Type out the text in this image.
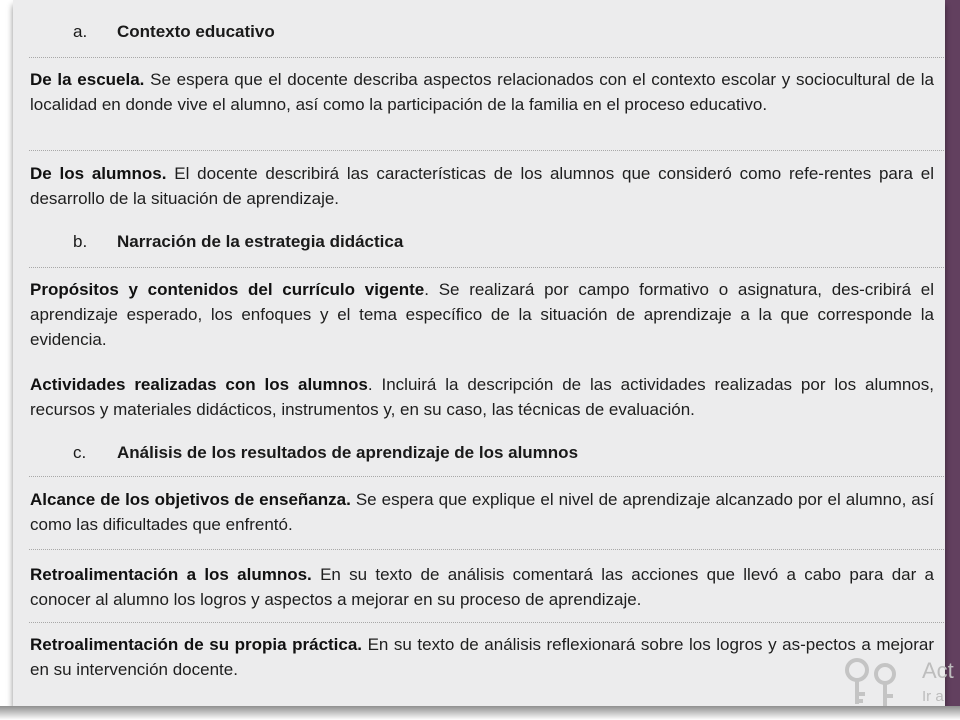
a. Contexto educativo

De la escuela. Se espera que el docente describa aspectos relacionados con el contexto escolar y sociocultural de la localidad en donde vive el alumno, así como la participación de la familia en el proceso educativo.

De los alumnos. El docente describirá las características de los alumnos que consideró como refe-rentes para el desarrollo de la situación de aprendizaje.

b. Narración de la estrategia didáctica

Propósitos y contenidos del currículo vigente. Se realizará por campo formativo o asignatura, des-cribirá el aprendizaje esperado, los enfoques y el tema específico de la situación de aprendizaje a la que corresponde la evidencia.

Actividades realizadas con los alumnos. Incluirá la descripción de las actividades realizadas por los alumnos, recursos y materiales didácticos, instrumentos y, en su caso, las técnicas de evaluación.

c. Análisis de los resultados de aprendizaje de los alumnos

Alcance de los objetivos de enseñanza. Se espera que explique el nivel de aprendizaje alcanzado por el alumno, así como las dificultades que enfrentó.

Retroalimentación a los alumnos. En su texto de análisis comentará las acciones que llevó a cabo para dar a conocer al alumno los logros y aspectos a mejorar en su proceso de aprendizaje.

Retroalimentación de su propia práctica. En su texto de análisis reflexionará sobre los logros y as-pectos a mejorar en su intervención docente.	Act
Ir a
